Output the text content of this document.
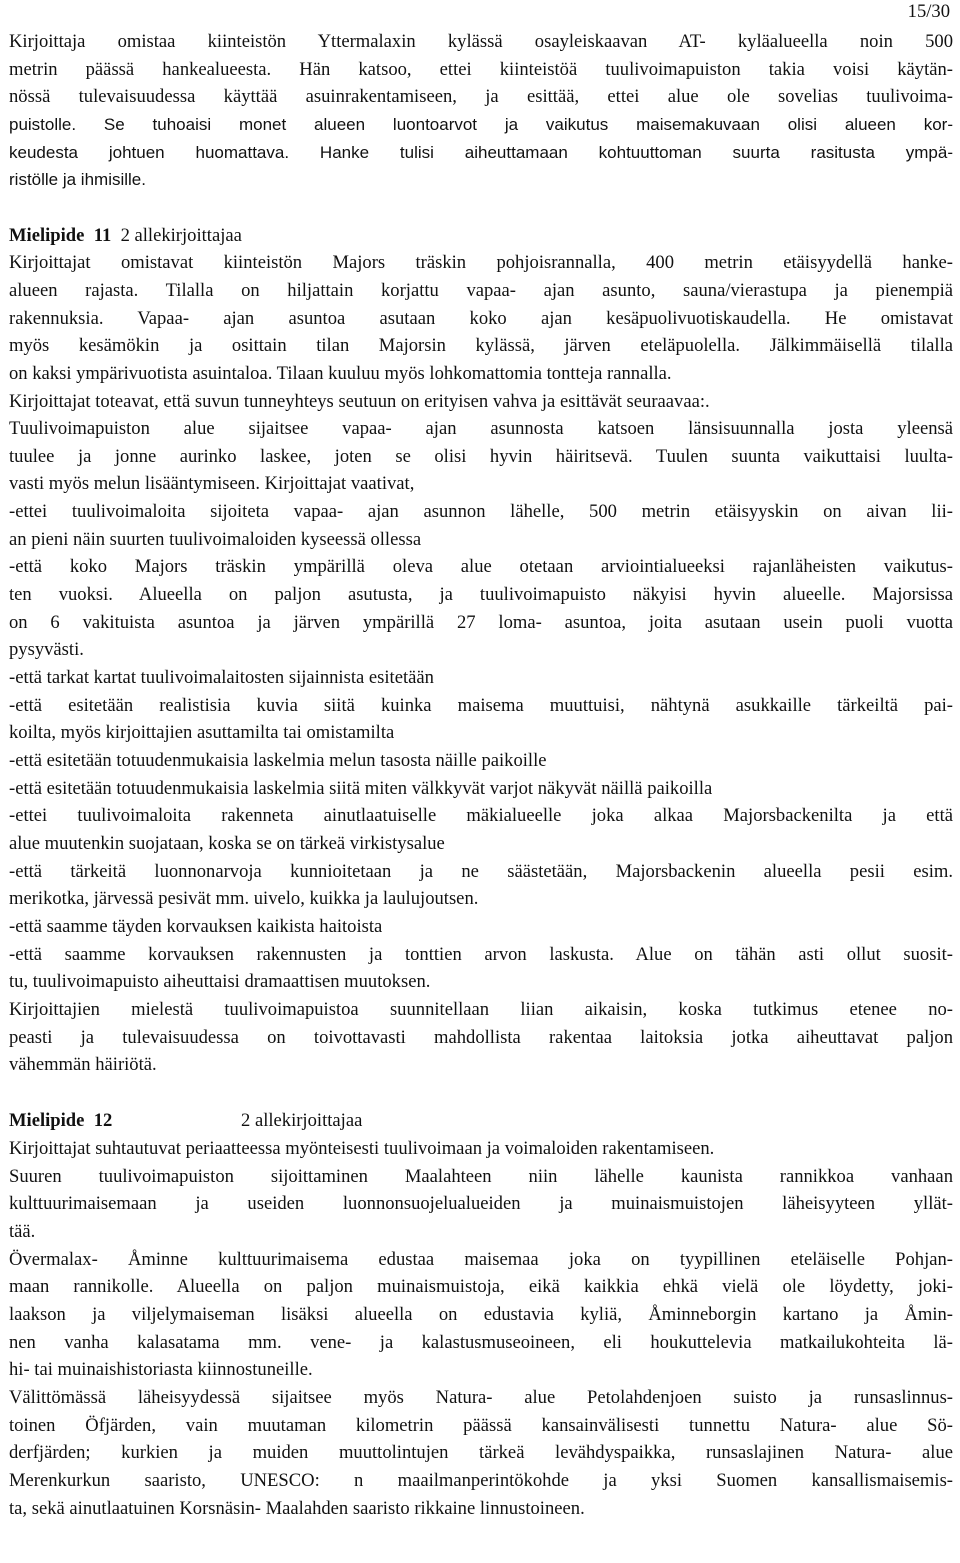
15/30

Kirjoittaja omistaa kiinteistön Yttermalaxin kylässä osayleiskaavan AT- kyläalueella noin 500

metrin päässä hankealueesta. Hän katsoo, ettei kiinteistöä tuulivoimapuiston takia voisi käytän-

nössä tulevaisuudessa käyttää asuinrakentamiseen, ja esittää, ettei alue ole sovelias tuulivoima-

puistolle. Se tuhoaisi monet alueen luontoarvot ja vaikutus maisemakuvaan olisi alueen kor-

keudesta johtuen huomattava. Hanke tulisi aiheuttamaan kohtuuttoman suurta rasitusta ympä-

ristölle ja ihmisille.

Mielipide  11 2 allekirjoittajaa

Kirjoittajat omistavat kiinteistön Majors träskin pohjoisrannalla, 400 metrin etäisyydellä hanke-

alueen rajasta. Tilalla on hiljattain korjattu vapaa- ajan asunto, sauna/vierastupa ja pienempiä

rakennuksia. Vapaa- ajan asuntoa asutaan koko ajan kesäpuolivuotiskaudella. He omistavat

myös kesämökin ja osittain tilan Majorsin kylässä, järven eteläpuolella. Jälkimmäisellä tilalla

on kaksi ympärivuotista asuintaloa. Tilaan kuuluu myös lohkomattomia tontteja rannalla.

Kirjoittajat toteavat, että suvun tunneyhteys seutuun on erityisen vahva ja esittävät seuraavaa:.

Tuulivoimapuiston alue sijaitsee vapaa- ajan asunnosta katsoen länsisuunnalla josta yleensä

tuulee ja jonne aurinko laskee, joten se olisi hyvin häiritsevä. Tuulen suunta vaikuttaisi luulta-

vasti myös melun lisääntymiseen. Kirjoittajat vaativat,

-ettei tuulivoimaloita sijoiteta vapaa- ajan asunnon lähelle, 500 metrin etäisyyskin on aivan lii-

an pieni näin suurten tuulivoimaloiden kyseessä ollessa

-että koko Majors träskin ympärillä oleva alue otetaan arviointialueeksi rajanläheisten vaikutus-

ten vuoksi. Alueella on paljon asutusta, ja tuulivoimapuisto näkyisi hyvin alueelle. Majorsissa

on 6 vakituista asuntoa ja järven ympärillä 27 loma- asuntoa, joita asutaan usein puoli vuotta

pysyvästi.

-että tarkat kartat tuulivoimalaitosten sijainnista esitetään

-että esitetään realistisia kuvia siitä kuinka maisema muuttuisi, nähtynä asukkaille tärkeiltä pai-

koilta, myös kirjoittajien asuttamilta tai omistamilta

-että esitetään totuudenmukaisia laskelmia melun tasosta näille paikoille

-että esitetään totuudenmukaisia laskelmia siitä miten välkkyvät varjot näkyvät näillä paikoilla

-ettei tuulivoimaloita rakenneta ainutlaatuiselle mäkialueelle joka alkaa Majorsbackenilta ja että

alue muutenkin suojataan, koska se on tärkeä virkistysalue

-että tärkeitä luonnonarvoja kunnioitetaan ja ne säästetään, Majorsbackenin alueella pesii esim.

merikotka, järvessä pesivät mm. uivelo, kuikka ja laulujoutsen.

-että saamme täyden korvauksen kaikista haitoista

-että saamme korvauksen rakennusten ja tonttien arvon laskusta. Alue on tähän asti ollut suosit-

tu, tuulivoimapuisto aiheuttaisi dramaattisen muutoksen.

Kirjoittajien mielestä tuulivoimapuistoa suunnitellaan liian aikaisin, koska tutkimus etenee no-

peasti ja tulevaisuudessa on toivottavasti mahdollista rakentaa laitoksia jotka aiheuttavat paljon

vähemmän häiriötä.

Mielipide  12	2 allekirjoittajaa

Kirjoittajat suhtautuvat periaatteessa myönteisesti tuulivoimaan ja voimaloiden rakentamiseen.

Suuren tuulivoimapuiston sijoittaminen Maalahteen niin lähelle kaunista rannikkoa vanhaan

kulttuurimaisemaan ja useiden luonnonsuojelualueiden ja muinaismuistojen läheisyyteen yllät-

tää.

Övermalax- Åminne kulttuurimaisema edustaa maisemaa joka on tyypillinen eteläiselle Pohjan-

maan rannikolle. Alueella on paljon muinaismuistoja, eikä kaikkia ehkä vielä ole löydetty, joki-

laakson ja viljelymaiseman lisäksi alueella on edustavia kyliä, Åminneborgin kartano ja Åmin-

nen vanha kalasatama mm. vene- ja kalastusmuseoineen, eli houkuttelevia matkailukohteita lä-

hi- tai muinaishistoriasta kiinnostuneille.

Välittömässä läheisyydessä sijaitsee myös Natura- alue Petolahdenjoen suisto ja runsaslinnus-

toinen Öfjärden, vain muutaman kilometrin päässä kansainvälisesti tunnettu Natura- alue Sö-

derfjärden; kurkien ja muiden muuttolintujen tärkeä levähdyspaikka, runsaslajinen Natura- alue

Merenkurkun saaristo, UNESCO: n maailmanperintökohde ja yksi Suomen kansallismaisemis-

ta, sekä ainutlaatuinen Korsnäsin- Maalahden saaristo rikkaine linnustoineen.
